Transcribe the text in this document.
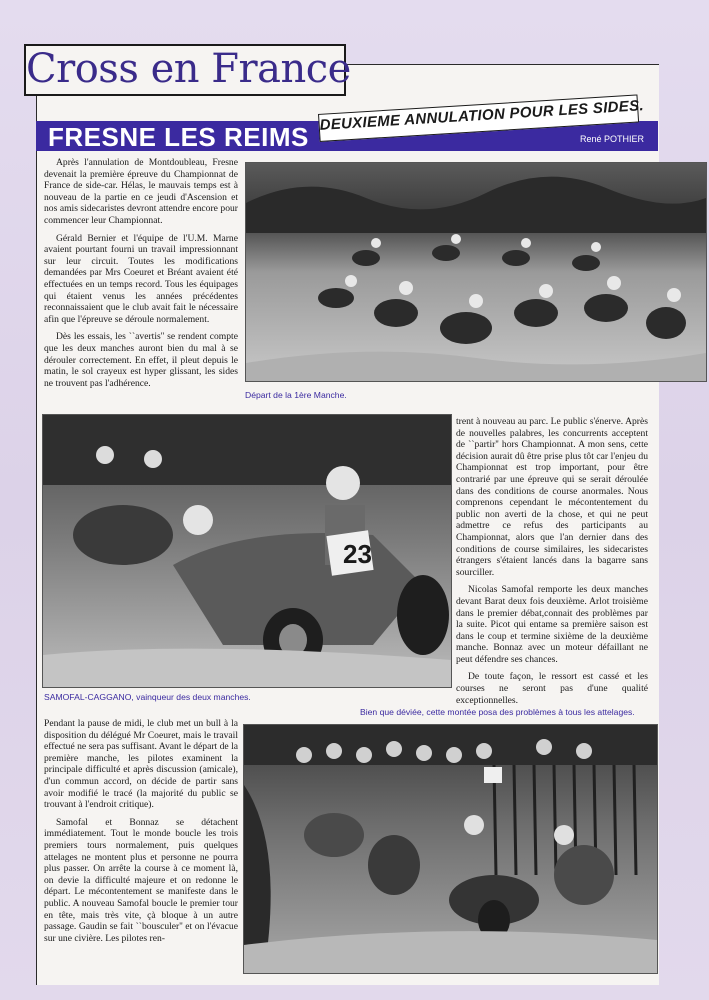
Cross en France
FRESNE LES REIMS
DEUXIEME ANNULATION POUR LES SIDES.
René POTHIER

Après l'annulation de Montdoubleau, Fresne devenait la première épreuve du Championnat de France de side-car. Hélas, le mauvais temps est à nouveau de la partie en ce jeudi d'Ascension et nos amis sidecaristes devront attendre encore pour commencer leur Championnat.

Gérald Bernier et l'équipe de l'U.M. Marne avaient pourtant fourni un travail impressionnant sur leur circuit. Toutes les modifications demandées par Mrs Coeuret et Bréant avaient été effectuées en un temps record. Tous les équipages qui étaient venus les années précédentes reconnaissaient que le club avait fait le nécessaire afin que l'épreuve se déroule normalement.

Dès les essais, les ``avertis'' se rendent compte que les deux manches auront bien du mal à se dérouler correctement. En effet, il pleut depuis le matin, le sol crayeux est hyper glissant, les sides ne trouvent pas l'adhérence.

Départ de la 1ère Manche.
23
SAMOFAL-CAGGANO, vainqueur des deux manches.

trent à nouveau au parc. Le public s'énerve. Après de nouvelles palabres, les concurrents acceptent de ``partir'' hors Championnat. A mon sens, cette décision aurait dû être prise plus tôt car l'enjeu du Championnat est trop important, pour être contrarié par une épreuve qui se serait déroulée dans des conditions de course anormales. Nous comprenons cependant le mécontentement du public non averti de la chose, et qui ne peut admettre ce refus des participants au Championnat, alors que l'an dernier dans des conditions de course similaires, les sidecaristes étrangers s'étaient lancés dans la bagarre sans sourciller.

Nicolas Samofal remporte les deux manches devant Barat deux fois deuxième. Arlot troisième dans le premier débat,connait des problèmes par la suite. Picot qui entame sa première saison est dans le coup et termine sixième de la deuxième manche. Bonnaz avec un moteur défaillant ne peut défendre ses chances.

De toute façon, le ressort est cassé et les courses ne seront pas d'une qualité exceptionnelles.

Bien que déviée, cette montée posa des problèmes à tous les attelages.

Pendant la pause de midi, le club met un bull à la disposition du délégué Mr Coeuret, mais le travail effectué ne sera pas suffisant. Avant le départ de la première manche, les pilotes examinent la principale difficulté et après discussion (amicale), d'un commun accord, on décide de partir sans avoir modifié le tracé (la majorité du public se trouvant à l'endroit critique).

Samofal et Bonnaz se détachent immédiatement. Tout le monde boucle les trois premiers tours normalement, puis quelques attelages ne montent plus et personne ne pourra plus passer. On arrête la course à ce moment là, on devie la difficulté majeure et on redonne le départ. Le mécontentement se manifeste dans le public. A nouveau Samofal boucle le premier tour en tête, mais très vite, çà bloque à un autre passage. Gaudin se fait ``bousculer'' et on l'évacue sur une civière. Les pilotes ren-
